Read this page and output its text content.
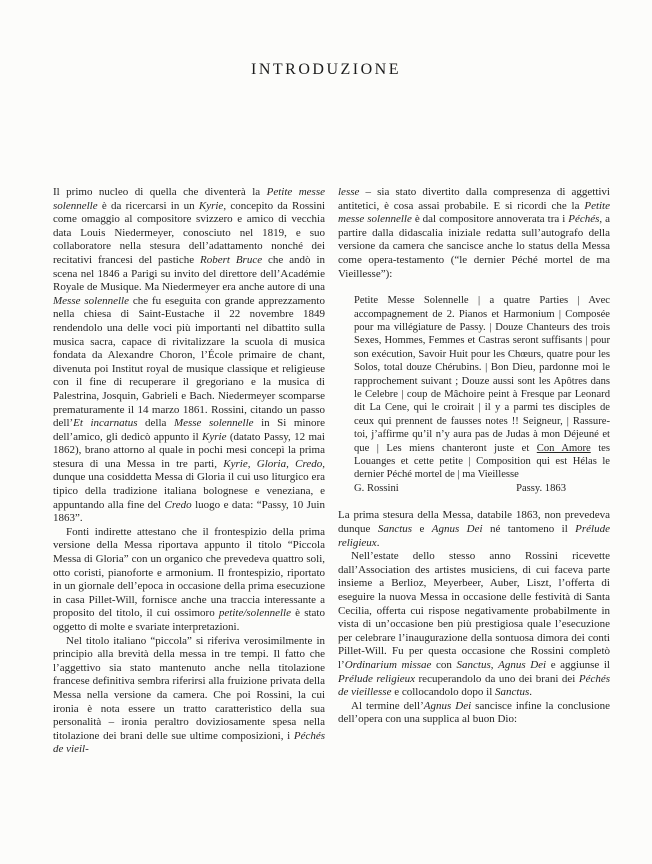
INTRODUZIONE

Il primo nucleo di quella che diventerà la Petite messe solennelle è da ricercarsi in un Kyrie, concepito da Rossini come omaggio al compositore svizzero e amico di vecchia data Louis Niedermeyer, conosciuto nel 1819, e suo collaboratore nella stesura dell’adattamento nonché dei recitativi francesi del pastiche Robert Bruce che andò in scena nel 1846 a Parigi su invito del direttore dell’Académie Royale de Musique. Ma Niedermeyer era anche autore di una Messe solennelle che fu eseguita con grande apprezzamento nella chiesa di Saint-Eustache il 22 novembre 1849 rendendolo una delle voci più importanti nel dibattito sulla musica sacra, capace di rivitalizzare la scuola di musica fondata da Alexandre Choron, l’École primaire de chant, divenuta poi Institut royal de musique classique et religieuse con il fine di recuperare il gregoriano e la musica di Palestrina, Josquin, Gabrieli e Bach. Niedermeyer scomparse prematuramente il 14 marzo 1861. Rossini, citando un passo dell’Et incarnatus della Messe solennelle in Si minore dell’amico, gli dedicò appunto il Kyrie (datato Passy, 12 mai 1862), brano attorno al quale in pochi mesi concepì la prima stesura di una Messa in tre parti, Kyrie, Gloria, Credo, dunque una cosiddetta Messa di Gloria il cui uso liturgico era tipico della tradizione italiana bolognese e veneziana, e appuntando alla fine del Credo luogo e data: “Passy, 10 Juin 1863”.

Fonti indirette attestano che il frontespizio della prima versione della Messa riportava appunto il titolo “Piccola Messa di Gloria” con un organico che prevedeva quattro soli, otto coristi, pianoforte e armonium. Il frontespizio, riportato in un giornale dell’epoca in occasione della prima esecuzione in casa Pillet-Will, fornisce anche una traccia interessante a proposito del titolo, il cui ossimoro petite/solennelle è stato oggetto di molte e svariate interpretazioni.

Nel titolo italiano “piccola” si riferiva verosimilmente in principio alla brevità della messa in tre tempi. Il fatto che l’aggettivo sia stato mantenuto anche nella titolazione francese definitiva sembra riferirsi alla fruizione privata della Messa nella versione da camera. Che poi Rossini, la cui ironia è nota essere un tratto caratteristico della sua personalità – ironia peraltro doviziosamente spesa nella titolazione dei brani delle sue ultime composizioni, i Péchés de vieil-

lesse – sia stato divertito dalla compresenza di aggettivi antitetici, è cosa assai probabile. E si ricordi che la Petite messe solennelle è dal compositore annoverata tra i Péchés, a partire dalla didascalia iniziale redatta sull’autografo della versione da camera che sancisce anche lo status della Messa come opera-testamento (“le dernier Péché mortel de ma Vieillesse”):

Petite Messe Solennelle | a quatre Parties | Avec accompagnement de 2. Pianos et Harmonium | Composée pour ma villégiature de Passy. | Douze Chanteurs des trois Sexes, Hommes, Femmes et Castras seront suffisants | pour son exécution, Savoir Huit pour les Chœurs, quatre pour les Solos, total douze Chérubins. | Bon Dieu, pardonne moi le rapprochement suivant ; Douze aussi sont les Apôtres dans le Celebre | coup de Mâchoire peint à Fresque par Leonard dit La Cene, qui le croirait | il y a parmi tes disciples de ceux qui prennent de fausses notes !! Seigneur, | Rassure-toi, j’affirme qu’il n’y aura pas de Judas à mon Déjeuné et que | Les miens chanteront juste et Con Amore tes Louanges et cette petite | Composition qui est Hélas le dernier Péché mortel de | ma Vieillesse

G. Rossini	Passy. 1863

La prima stesura della Messa, databile 1863, non prevedeva dunque Sanctus e Agnus Dei né tantomeno il Prélude religieux.

Nell’estate dello stesso anno Rossini ricevette dall’Association des artistes musiciens, di cui faceva parte insieme a Berlioz, Meyerbeer, Auber, Liszt, l’offerta di eseguire la nuova Messa in occasione delle festività di Santa Cecilia, offerta cui rispose negativamente probabilmente in vista di un’occasione ben più prestigiosa quale l’esecuzione per celebrare l’inaugurazione della sontuosa dimora dei conti Pillet-Will. Fu per questa occasione che Rossini completò l’Ordinarium missae con Sanctus, Agnus Dei e aggiunse il Prélude religieux recuperandolo da uno dei brani dei Péchés de vieillesse e collocandolo dopo il Sanctus.

Al termine dell’Agnus Dei sancisce infine la conclusione dell’opera con una supplica al buon Dio:
